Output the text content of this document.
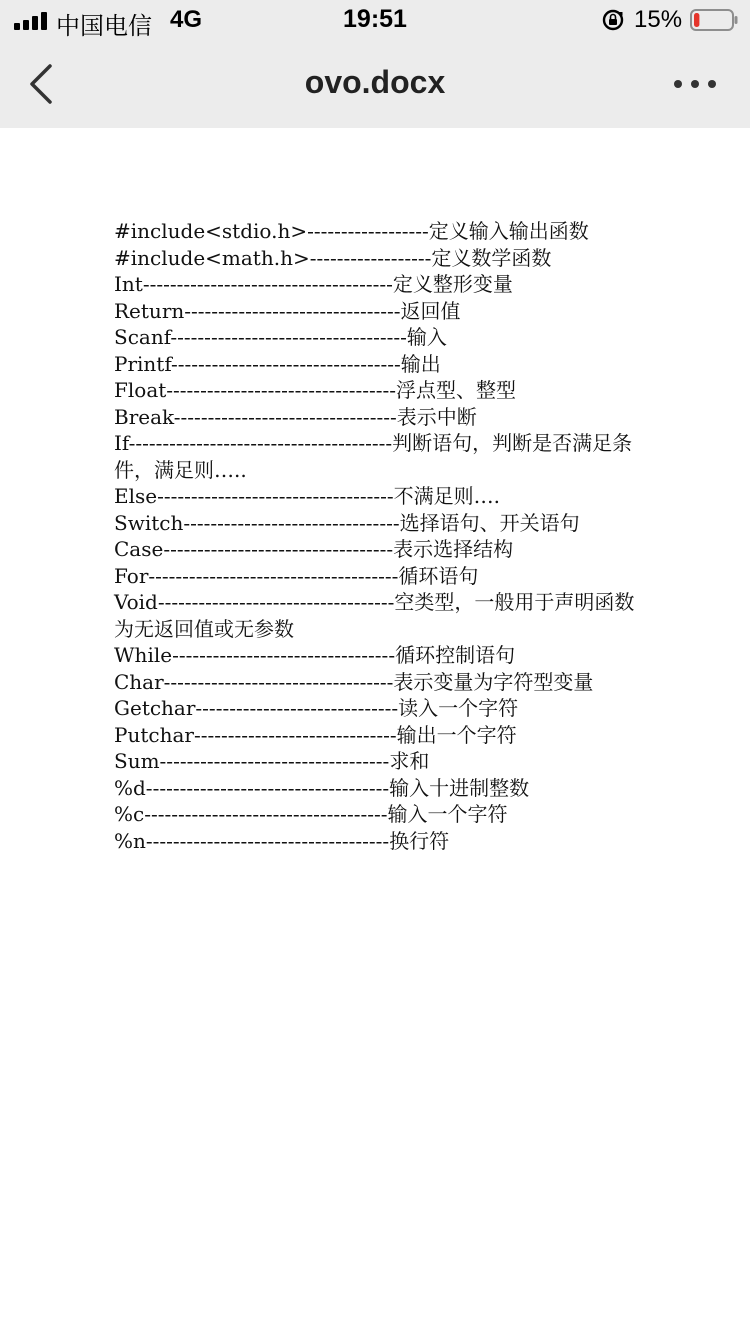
中国电信 4G	19:51	15%
ovo.docx

#include<stdio.h>------------------定义输入输出函数

#include<math.h>------------------定义数学函数

Int-------------------------------------定义整形变量

Return--------------------------------返回值

Scanf-----------------------------------输入

Printf----------------------------------输出

Float----------------------------------浮点型、整型

Break---------------------------------表示中断

If---------------------------------------判断语句，判断是否满足条件，满足则…..

Else-----------------------------------不满足则….

Switch--------------------------------选择语句、开关语句

Case----------------------------------表示选择结构

For-------------------------------------循环语句

Void-----------------------------------空类型，一般用于声明函数为无返回值或无参数

While---------------------------------循环控制语句

Char----------------------------------表示变量为字符型变量

Getchar------------------------------读入一个字符

Putchar------------------------------输出一个字符

Sum----------------------------------求和

%d------------------------------------输入十进制整数

%c------------------------------------输入一个字符

%n------------------------------------换行符
